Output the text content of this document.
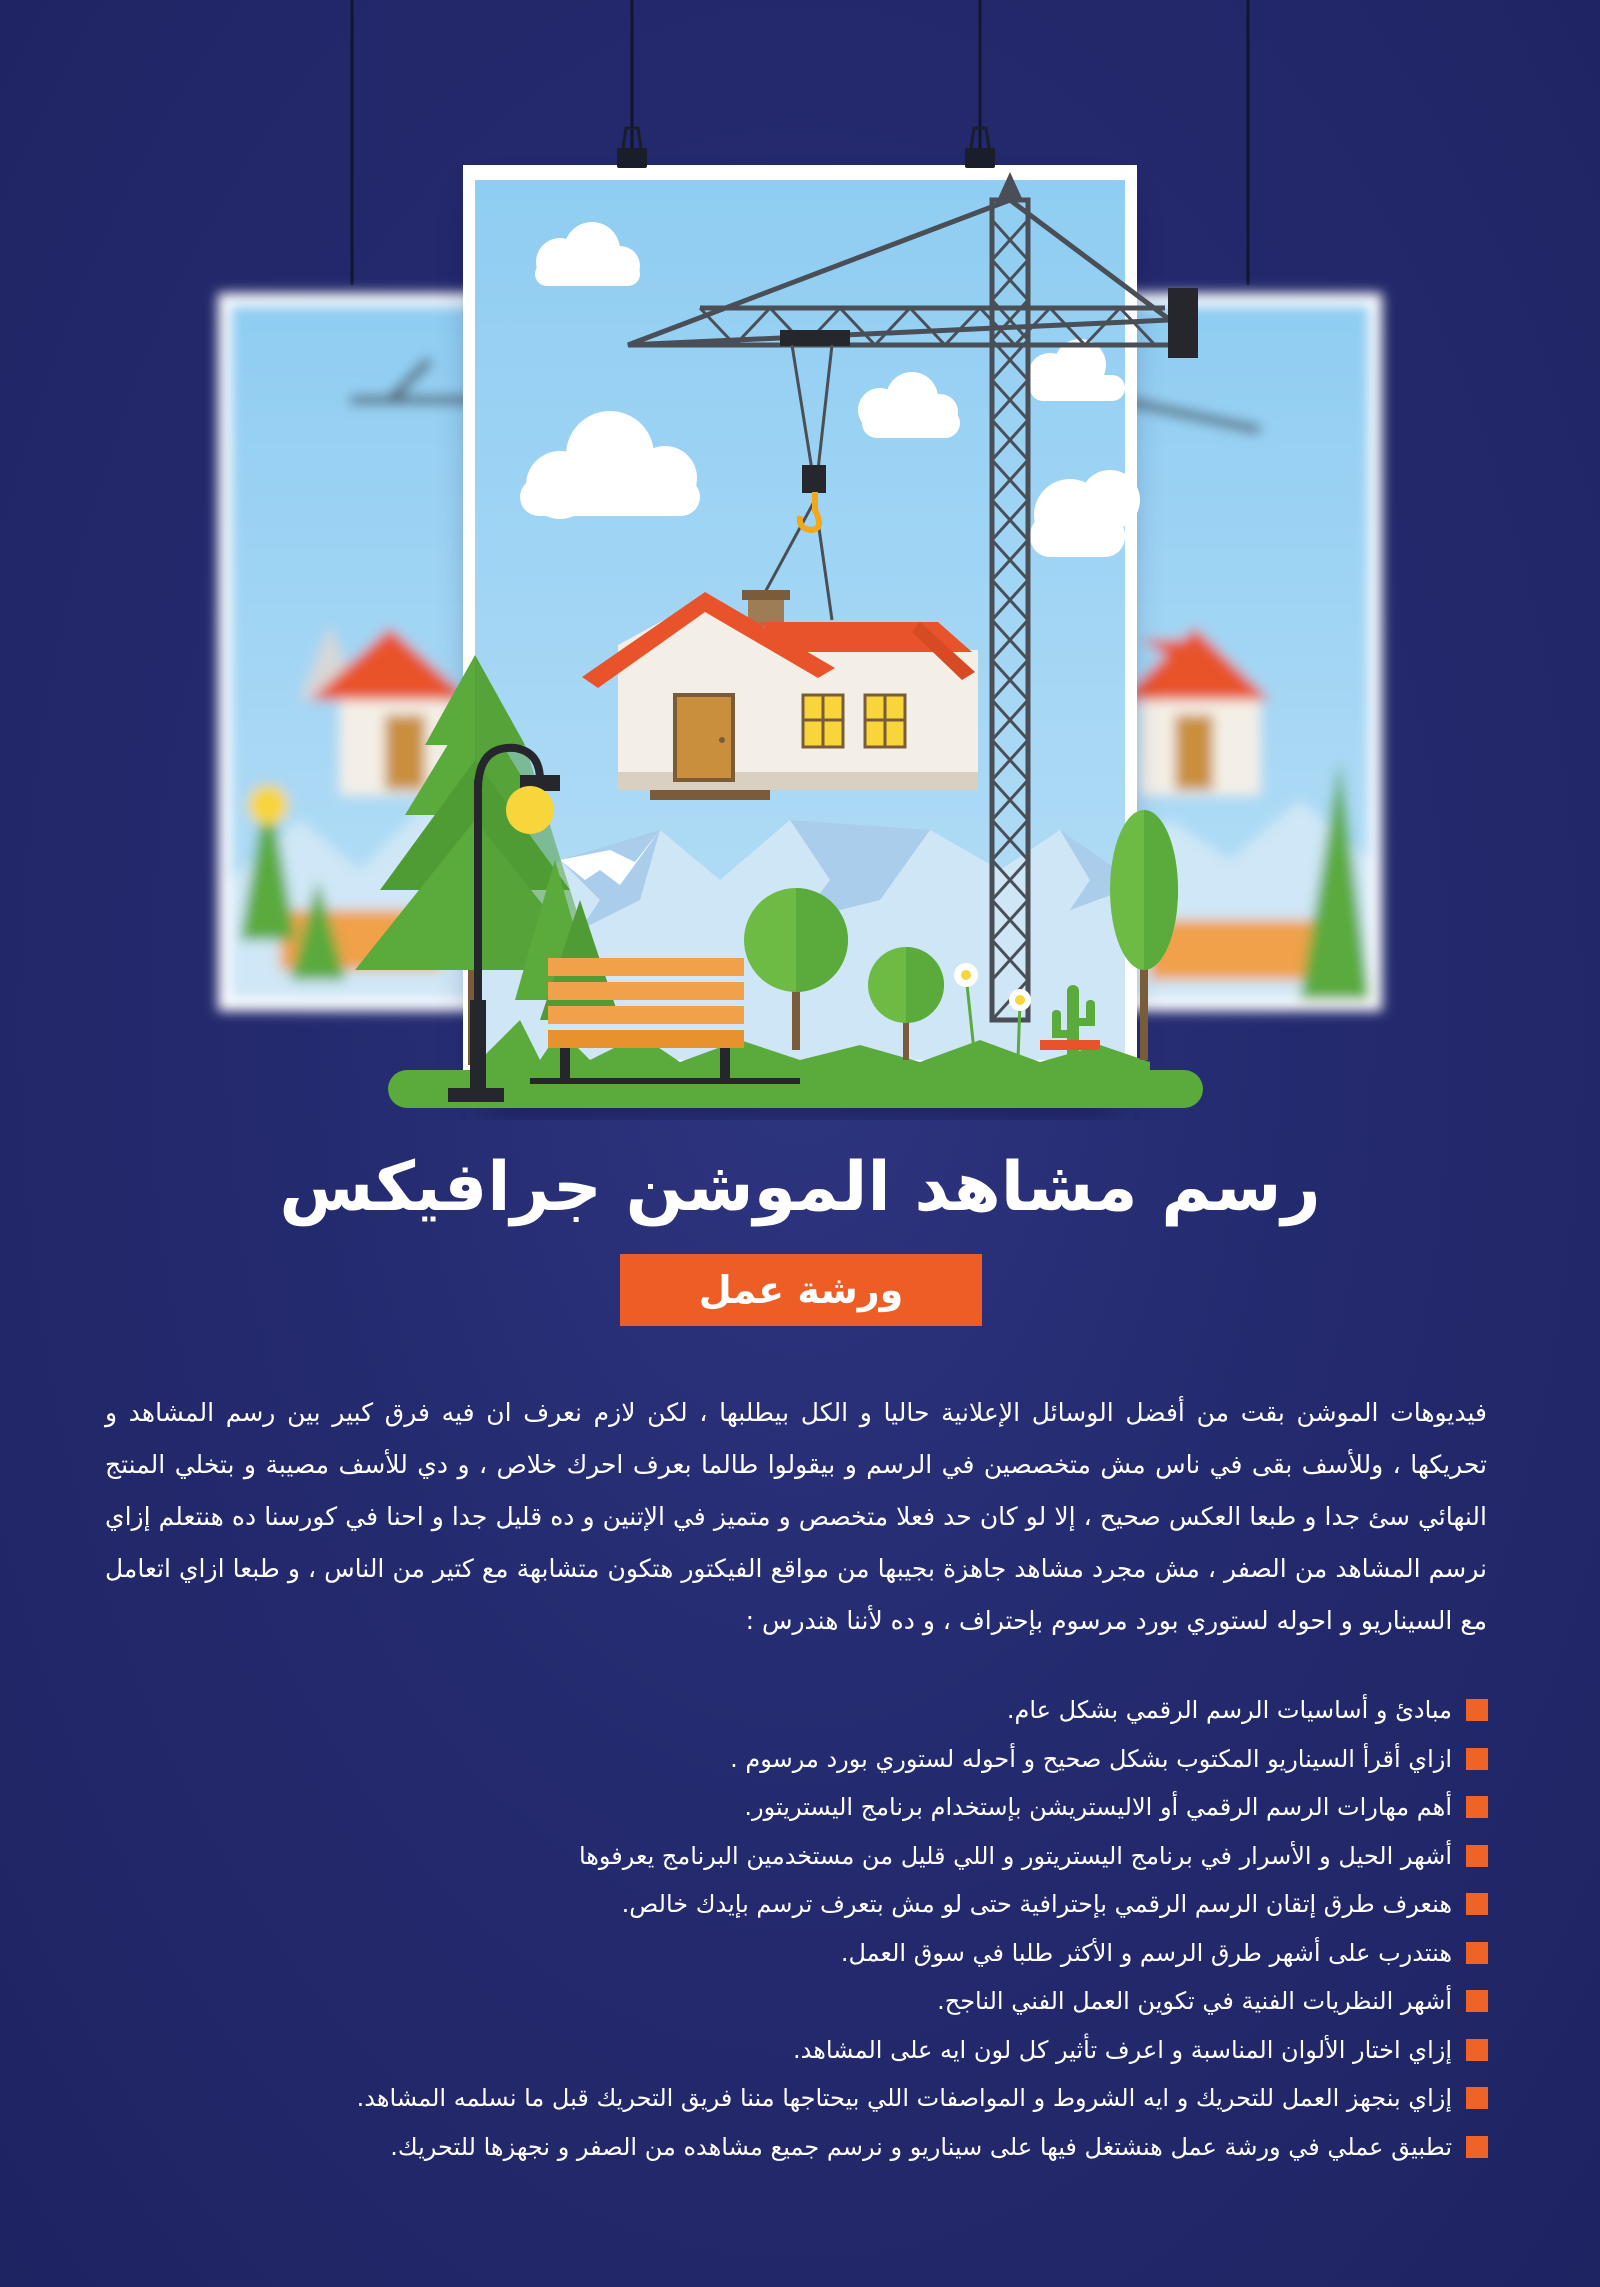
رسم مشاهد الموشن جرافيكس
ورشة عمل

فيديوهات الموشن بقت من أفضل الوسائل الإعلانية حاليا و الكل بيطلبها ، لكن لازم نعرف ان فيه فرق كبير بين رسم المشاهد و تحريكها ، وللأسف بقى في ناس مش متخصصين في الرسم و بيقولوا طالما بعرف احرك خلاص ، و دي للأسف مصيبة و بتخلي المنتج النهائي سئ جدا و طبعا العكس صحيح ، إلا لو كان حد فعلا متخصص و متميز في الإتنين و ده قليل جدا و احنا في كورسنا ده هنتعلم إزاي نرسم المشاهد من الصفر ، مش مجرد مشاهد جاهزة بجيبها من مواقع الفيكتور هتكون متشابهة مع كتير من الناس ، و طبعا ازاي اتعامل مع السيناريو و احوله لستوري بورد مرسوم بإحتراف ، و ده لأننا هندرس :

مبادئ و أساسيات الرسم الرقمي بشكل عام.
ازاي أقرأ السيناريو المكتوب بشكل صحيح و أحوله لستوري بورد مرسوم .
أهم مهارات الرسم الرقمي أو الاليستريشن بإستخدام برنامج اليستريتور.
أشهر الحيل و الأسرار في برنامج اليستريتور و اللي قليل من مستخدمين البرنامج يعرفوها
هنعرف طرق إتقان الرسم الرقمي بإحترافية حتى لو مش بتعرف ترسم بإيدك خالص.
هنتدرب على أشهر طرق الرسم و الأكثر طلبا في سوق العمل.
أشهر النظريات الفنية في تكوين العمل الفني الناجح.
إزاي اختار الألوان المناسبة و اعرف تأثير كل لون ايه على المشاهد.
إزاي بنجهز العمل للتحريك و ايه الشروط و المواصفات اللي بيحتاجها مننا فريق التحريك قبل ما نسلمه المشاهد.
تطبيق عملي في ورشة عمل هنشتغل فيها على سيناريو و نرسم جميع مشاهده من الصفر و نجهزها للتحريك.
